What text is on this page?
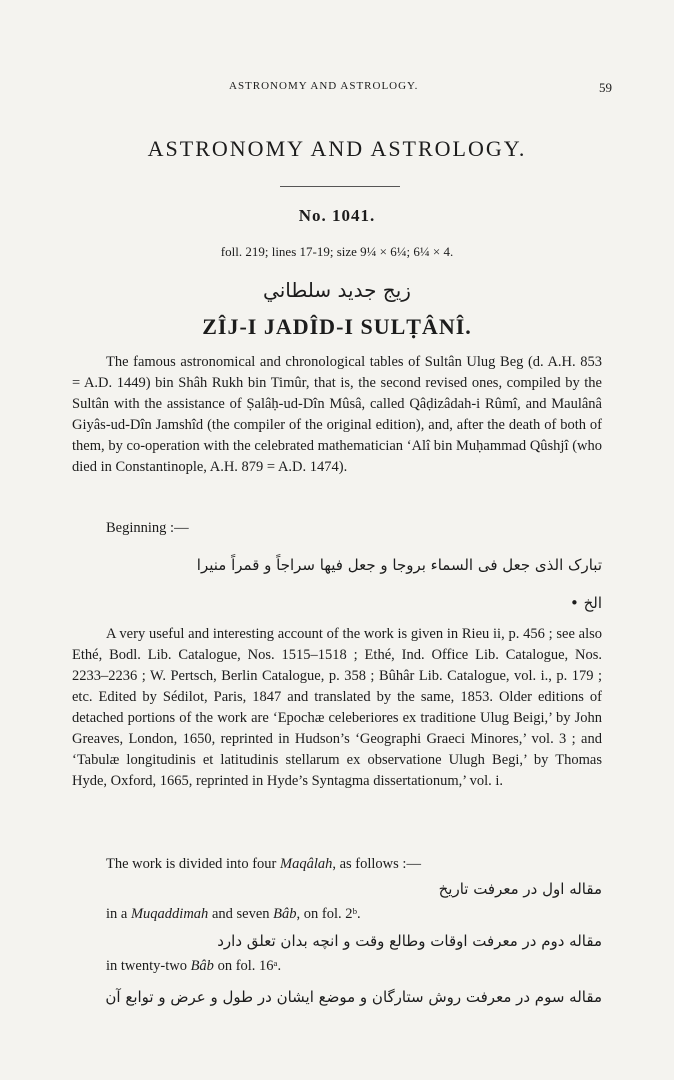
ASTRONOMY AND ASTROLOGY.	59
ASTRONOMY AND ASTROLOGY.
No. 1041.
foll. 219; lines 17-19; size 9¼ × 6¼; 6¼ × 4.
زيج جديد سلطاني
ZÎJ-I JADÎD-I SULṬÂNÎ.

The famous astronomical and chronological tables of Sultân Ulug Beg (d. A.H. 853 = A.D. 1449) bin Shâh Rukh bin Timûr, that is, the second revised ones, compiled by the Sultân with the assistance of Ṣalâḥ-ud-Dîn Mûsâ, called Qâḍizâdah-i Rûmî, and Maulânâ Giyâs-ud-Dîn Jamshîd (the compiler of the original edition), and, after the death of both of them, by co-operation with the celebrated mathematician ‘Alî bin Muḥammad Qûshjî (who died in Constantinople, A.H. 879 = A.D. 1474).

Beginning :—
تبارک الذی جعل فی السماء بروجا و جعل فیها سراجاً و قمراً منیرا
الخ •

A very useful and interesting account of the work is given in Rieu ii, p. 456 ; see also Ethé, Bodl. Lib. Catalogue, Nos. 1515–1518 ; Ethé, Ind. Office Lib. Catalogue, Nos. 2233–2236 ; W. Pertsch, Berlin Catalogue, p. 358 ; Bûhâr Lib. Catalogue, vol. i., p. 179 ; etc. Edited by Sédilot, Paris, 1847 and translated by the same, 1853. Older editions of detached portions of the work are ‘Epochæ celeberiores ex traditione Ulug Beigi,’ by John Greaves, London, 1650, reprinted in Hudson’s ‘Geographi Graeci Minores,’ vol. 3 ; and ‘Tabulæ longitudinis et latitudinis stellarum ex observatione Ulugh Begi,’ by Thomas Hyde, Oxford, 1665, reprinted in Hyde’s Syntagma dissertationum,’ vol. i.

The work is divided into four Maqâlah, as follows :—
مقاله اول در معرفت تاریخ
in a Muqaddimah and seven Bâb, on fol. 2ᵇ.
مقاله دوم در معرفت اوقات وطالع وقت و انچه بدان تعلق دارد
in twenty-two Bâb on fol. 16ᵃ.
مقاله سوم در معرفت روش ستارگان و موضع ایشان در طول و عرض و توابع آن
